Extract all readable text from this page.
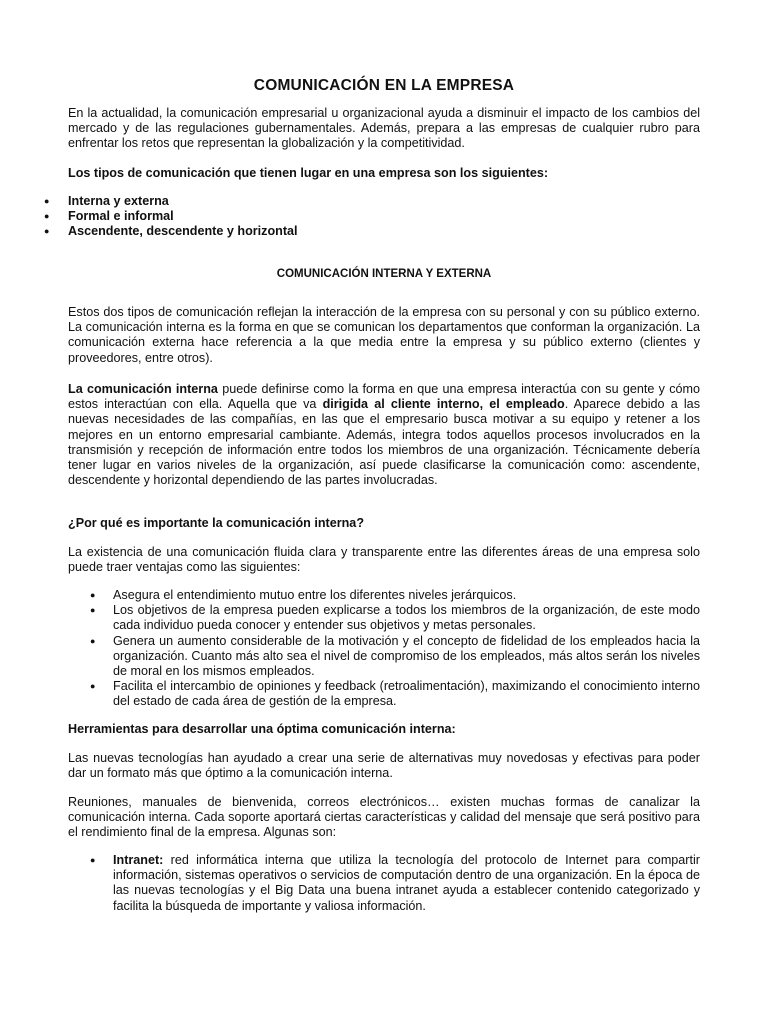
COMUNICACIÓN EN LA EMPRESA

En la actualidad, la comunicación empresarial u organizacional ayuda a disminuir el impacto de los cambios del mercado y de las regulaciones gubernamentales. Además, prepara a las empresas de cualquier rubro para enfrentar los retos que representan la globalización y la competitividad.

Los tipos de comunicación que tienen lugar en una empresa son los siguientes:

● Interna y externa
● Formal e informal
● Ascendente, descendente y horizontal
COMUNICACIÓN INTERNA Y EXTERNA

Estos dos tipos de comunicación reflejan la interacción de la empresa con su personal y con su público externo. La comunicación interna es la forma en que se comunican los departamentos que conforman la organización. La comunicación externa hace referencia a la que media entre la empresa y su público externo (clientes y proveedores, entre otros).

La comunicación interna puede definirse como la forma en que una empresa interactúa con su gente y cómo estos interactúan con ella. Aquella que va dirigida al cliente interno, el empleado. Aparece debido a las nuevas necesidades de las compañías, en las que el empresario busca motivar a su equipo y retener a los mejores en un entorno empresarial cambiante. Además, integra todos aquellos procesos involucrados en la transmisión y recepción de información entre todos los miembros de una organización. Técnicamente debería tener lugar en varios niveles de la organización, así puede clasificarse la comunicación como: ascendente, descendente y horizontal dependiendo de las partes involucradas.

¿Por qué es importante la comunicación interna?

La existencia de una comunicación fluida clara y transparente entre las diferentes áreas de una empresa solo puede traer ventajas como las siguientes:

● Asegura el entendimiento mutuo entre los diferentes niveles jerárquicos.
● Los objetivos de la empresa pueden explicarse a todos los miembros de la organización, de este modo cada individuo pueda conocer y entender sus objetivos y metas personales.
● Genera un aumento considerable de la motivación y el concepto de fidelidad de los empleados hacia la organización. Cuanto más alto sea el nivel de compromiso de los empleados, más altos serán los niveles de moral en los mismos empleados.
● Facilita el intercambio de opiniones y feedback (retroalimentación), maximizando el conocimiento interno del estado de cada área de gestión de la empresa.

Herramientas para desarrollar una óptima comunicación interna:

Las nuevas tecnologías han ayudado a crear una serie de alternativas muy novedosas y efectivas para poder dar un formato más que óptimo a la comunicación interna.

Reuniones, manuales de bienvenida, correos electrónicos… existen muchas formas de canalizar la comunicación interna. Cada soporte aportará ciertas características y calidad del mensaje que será positivo para el rendimiento final de la empresa. Algunas son:

● Intranet: red informática interna que utiliza la tecnología del protocolo de Internet para compartir información, sistemas operativos o servicios de computación dentro de una organización. En la época de las nuevas tecnologías y el Big Data una buena intranet ayuda a establecer contenido categorizado y facilita la búsqueda de importante y valiosa información.
